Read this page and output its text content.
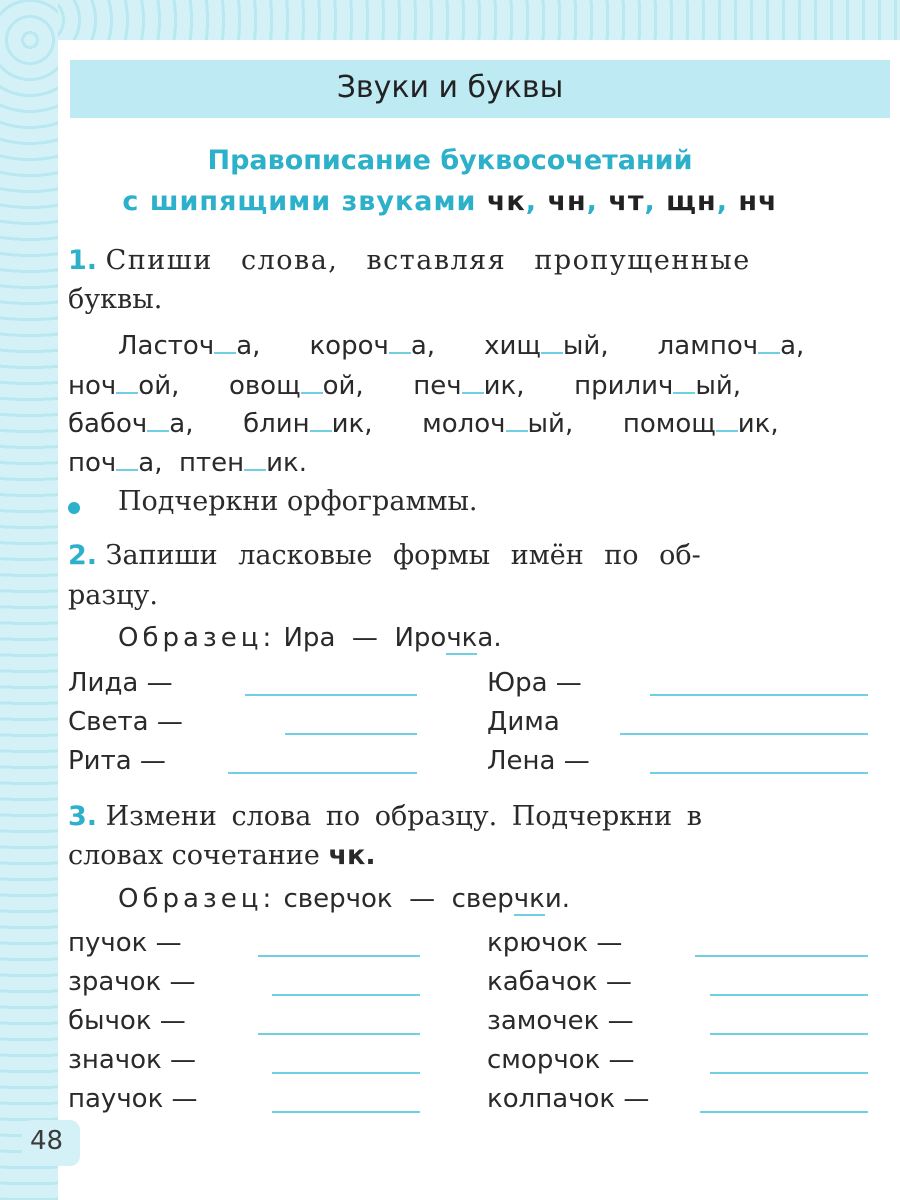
Звуки и буквы
Правописание буквосочетаний
с шипящими звуками чк, чн, чт, щн, нч
1. Спиши слова, вставляя пропущенные
буквы.
Ласточ а, короч а, хищ ый, лампоч а,
ноч ой, овощ ой, печ ик, прилич ый,
бабоч а, блин ик, молоч ый, помощ ик,
поч а, птен ик.
Подчеркни орфограммы.
2. Запиши ласковые формы имён по об-
разцу.
Образец: Ира — Ирочка.
Лида —
Света —
Рита —
Юра —
Дима
Лена —
3. Измени слова по образцу. Подчеркни в
словах сочетание чк.
Образец: сверчок — сверчки.
пучок —
зрачок —
бычок —
значок —
паучок —
крючок —
кабачок —
замочек —
сморчок —
колпачок —
48
